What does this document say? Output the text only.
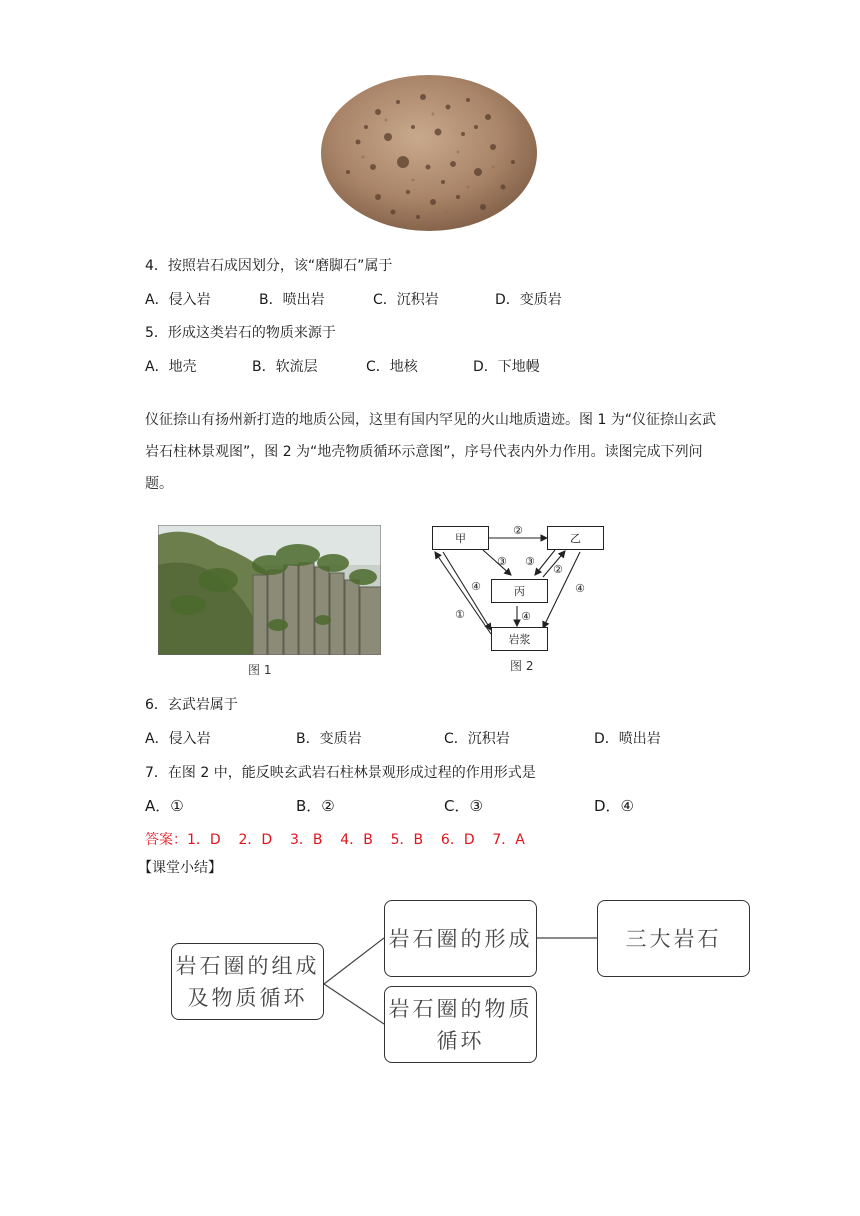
4．按照岩石成因划分，该“磨脚石”属于
A．侵入岩	B．喷出岩	C．沉积岩	D．变质岩
5．形成这类岩石的物质来源于
A．地壳	B．软流层	C．地核	D．下地幔
仪征捺山有扬州新打造的地质公园，这里有国内罕见的火山地质遗迹。图 1 为“仪征捺山玄武岩石柱林景观图”，图 2 为“地壳物质循环示意图”，序号代表内外力作用。读图完成下列问题。
图 1
②
③ ③
②
④
④
④
①
甲	乙
丙
岩浆
图 2
6．玄武岩属于
A．侵入岩	B．变质岩	C．沉积岩	D．喷出岩
7．在图 2 中，能反映玄武岩石柱林景观形成过程的作用形式是
A．①	B．②	C．③	D．④
答案：1．D    2．D    3．B    4．B    5．B    6．D    7．A
【课堂小结】
岩石圈的组成及物质循环
岩石圈的形成
岩石圈的物质循环
三大岩石
